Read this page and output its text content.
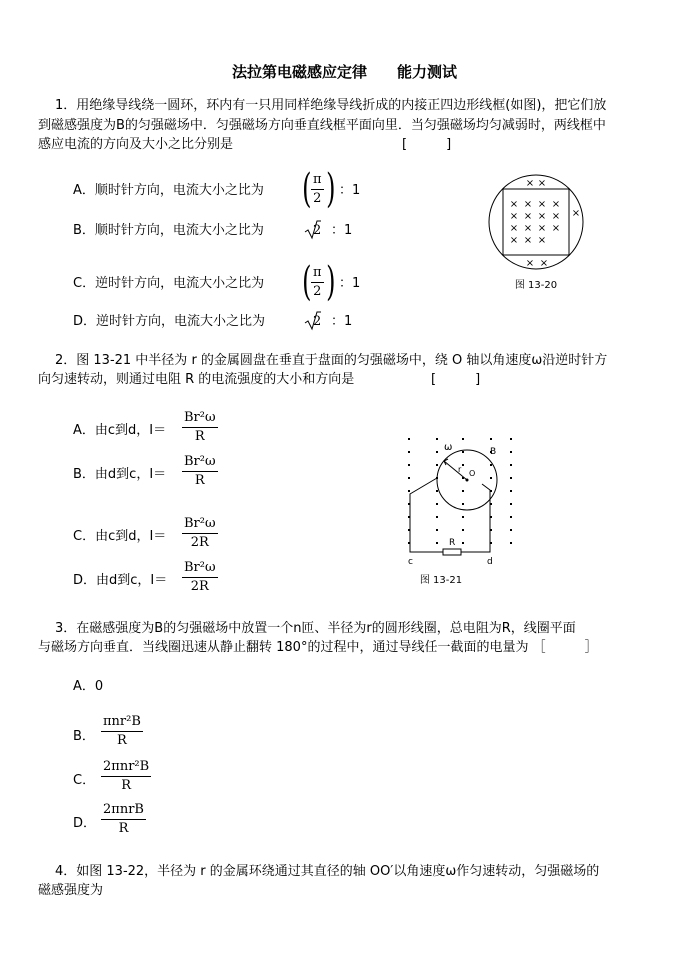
法拉第电磁感应定律　　能力测试
1．用绝缘导线绕一圆环，环内有一只用同样绝缘导线折成的内接正四边形线框(如图)，把它们放
到磁感强度为B的匀强磁场中．匀强磁场方向垂直线框平面向里．当匀强磁场均匀减弱时，两线框中
感应电流的方向及大小之比分别是	[　　　]
A．顺时针方向，电流大小之比为 ( $\frac{\pi}{2}$ ) ：1
B．顺时针方向，电流大小之比为	2 ：1
C．逆时针方向，电流大小之比为 ( $\frac{\pi}{2}$ ) ：1
D．逆时针方向，电流大小之比为	2 ：1
× ×
× × × ×
× × × ×
× × × ×
× × ×
× ×
×
图 13-20
2．图 13-21 中半径为 r 的金属圆盘在垂直于盘面的匀强磁场中，绕 O 轴以角速度ω沿逆时针方
向匀速转动，则通过电阻 R 的电流强度的大小和方向是	[　　　]
A．由c到d，$I= \frac{\text{Br²ω}}{R}$
B．由d到c，$I= \frac{\text{Br²ω}}{R}$
C．由c到d，$I= \frac{\text{Br²ω}}{2R}$
D．由d到c，$I= \frac{\text{Br²ω}}{2R}$
R
ω	B
r O
c	d
图 13-21
3．在磁感强度为B的匀强磁场中放置一个n匝、半径为r的圆形线圈，总电阻为R，线圈平面
与磁场方向垂直．当线圈迅速从静止翻转 180°的过程中，通过导线任一截面的电量为 ［　　　］
A．0
B．
πnr²B
R
C．
2πnr²B
R
D．
2πnrB
R
4．如图 13-22，半径为 r 的金属环绕通过其直径的轴 OO′以角速度ω作匀速转动，匀强磁场的
磁感强度为
